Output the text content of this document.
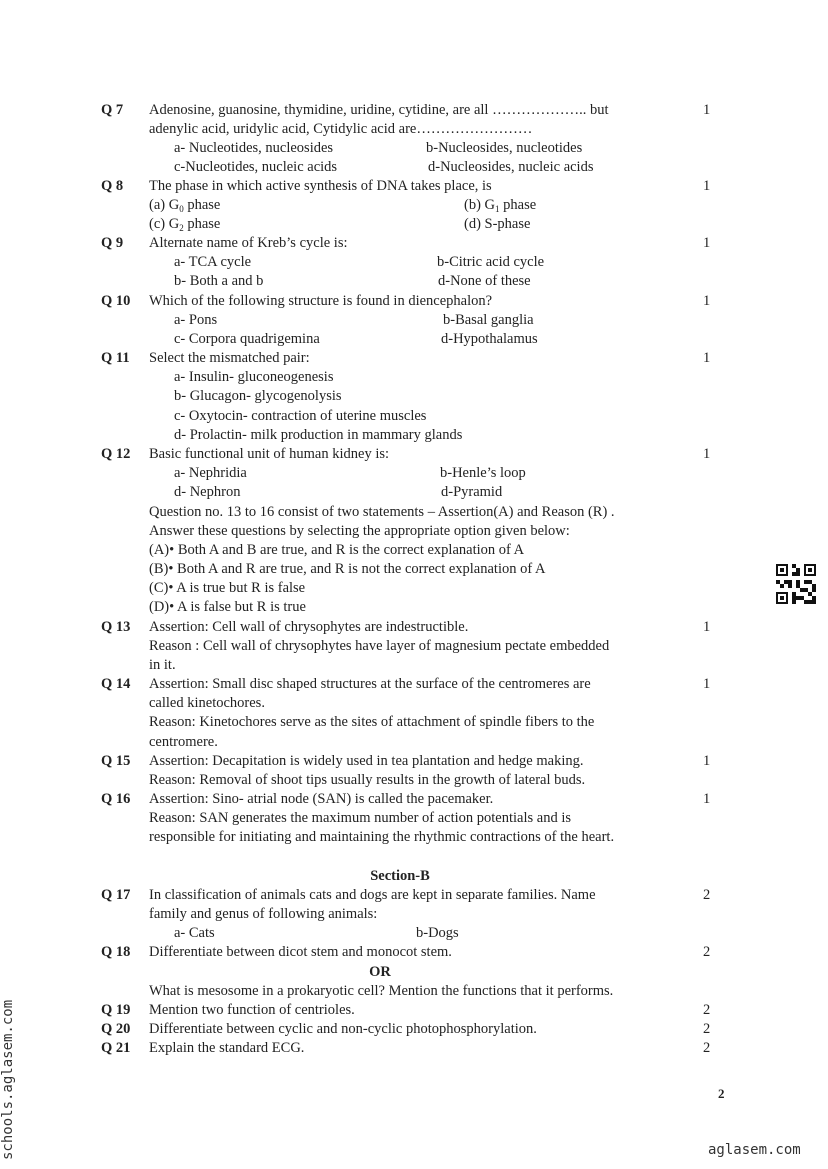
Q 7 Adenosine, guanosine, thymidine, uridine, cytidine, are all ……………….. but	1
adenylic acid, uridylic acid, Cytidylic acid are……………………
a- Nucleotides, nucleosides	b-Nucleosides, nucleotides
c-Nucleotides, nucleic acids	d-Nucleosides, nucleic acids
Q 8 The phase in which active synthesis of DNA takes place, is	1
(a) $G_0$ phase	(b) $G_1$ phase
(c) $G_2$ phase	(d) S-phase
Q 9 Alternate name of Kreb’s cycle is:	1
a- TCA cycle	b-Citric acid cycle
b- Both a and b	d-None of these
Q 10 Which of the following structure is found in diencephalon?	1
a- Pons	b-Basal ganglia
c- Corpora quadrigemina	d-Hypothalamus
Q 11 Select the mismatched pair:	1
a- Insulin- gluconeogenesis
b- Glucagon- glycogenolysis
c- Oxytocin- contraction of uterine muscles
d- Prolactin- milk production in mammary glands
Q 12 Basic functional unit of human kidney is:	1
a- Nephridia	b-Henle’s loop
d- Nephron	d-Pyramid
Question no. 13 to 16 consist of two statements – Assertion(A) and Reason (R) .
Answer these questions by selecting the appropriate option given below:
(A)• Both A and B are true, and R is the correct explanation of A
(B)• Both A and R are true, and R is not the correct explanation of A
(C)• A is true but R is false
(D)• A is false but R is true
Q 13 Assertion: Cell wall of chrysophytes are indestructible.	1
Reason : Cell wall of chrysophytes have layer of magnesium pectate embedded
in it.
Q 14 Assertion: Small disc shaped structures at the surface of the centromeres are	1
called kinetochores.
Reason: Kinetochores serve as the sites of attachment of spindle fibers to the
centromere.
Q 15 Assertion: Decapitation is widely used in tea plantation and hedge making.	1
Reason: Removal of shoot tips usually results in the growth of lateral buds.
Q 16 Assertion: Sino- atrial node (SAN) is called the pacemaker.	1
Reason: SAN generates the maximum number of action potentials and is
responsible for initiating and maintaining the rhythmic contractions of the heart.
Section-B
Q 17 In classification of animals cats and dogs are kept in separate families. Name	2
family and genus of following animals:
a- Cats	b-Dogs
Q 18 Differentiate between dicot stem and monocot stem.	2
OR
What is mesosome in a prokaryotic cell? Mention the functions that it performs.
Q 19 Mention two function of centrioles.	2
Q 20 Differentiate between cyclic and non-cyclic photophosphorylation.	2
Q 21 Explain the standard ECG.	2
2
schools.aglasem.com	aglasem.com
